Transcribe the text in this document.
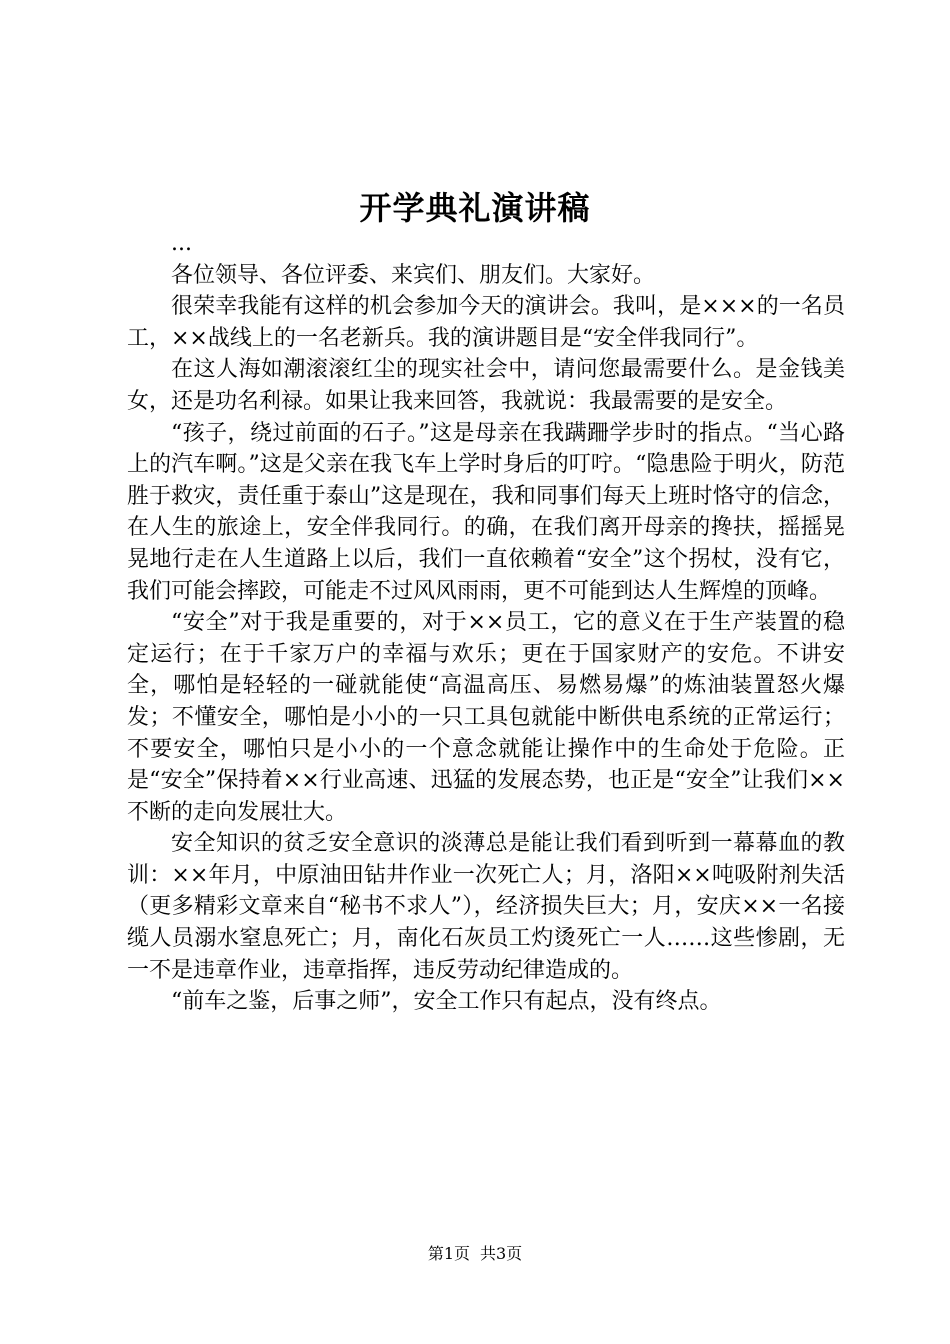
开学典礼演讲稿

...

各位领导、各位评委、来宾们、朋友们。大家好。

很荣幸我能有这样的机会参加今天的演讲会。我叫，是×××的一名员工，××战线上的一名老新兵。我的演讲题目是“安全伴我同行”。

在这人海如潮滚滚红尘的现实社会中，请问您最需要什么。是金钱美女，还是功名利禄。如果让我来回答，我就说：我最需要的是安全。

“孩子，绕过前面的石子。”这是母亲在我蹒跚学步时的指点。“当心路上的汽车啊。”这是父亲在我飞车上学时身后的叮咛。“隐患险于明火，防范胜于救灾，责任重于泰山”这是现在，我和同事们每天上班时恪守的信念，在人生的旅途上，安全伴我同行。的确，在我们离开母亲的搀扶，摇摇晃晃地行走在人生道路上以后，我们一直依赖着“安全”这个拐杖，没有它，我们可能会摔跤，可能走不过风风雨雨，更不可能到达人生辉煌的顶峰。

“安全”对于我是重要的，对于××员工，它的意义在于生产装置的稳定运行；在于千家万户的幸福与欢乐；更在于国家财产的安危。不讲安全，哪怕是轻轻的一碰就能使“高温高压、易燃易爆”的炼油装置怒火爆发；不懂安全，哪怕是小小的一只工具包就能中断供电系统的正常运行；不要安全，哪怕只是小小的一个意念就能让操作中的生命处于危险。正是“安全”保持着××行业高速、迅猛的发展态势，也正是“安全”让我们××不断的走向发展壮大。

安全知识的贫乏安全意识的淡薄总是能让我们看到听到一幕幕血的教训：××年月，中原油田钻井作业一次死亡人；月，洛阳××吨吸附剂失活（更多精彩文章来自“秘书不求人”），经济损失巨大；月，安庆××一名接缆人员溺水窒息死亡；月，南化石灰员工灼烫死亡一人……这些惨剧，无一不是违章作业，违章指挥，违反劳动纪律造成的。

“前车之鉴，后事之师”，安全工作只有起点，没有终点。

第1页 共3页
